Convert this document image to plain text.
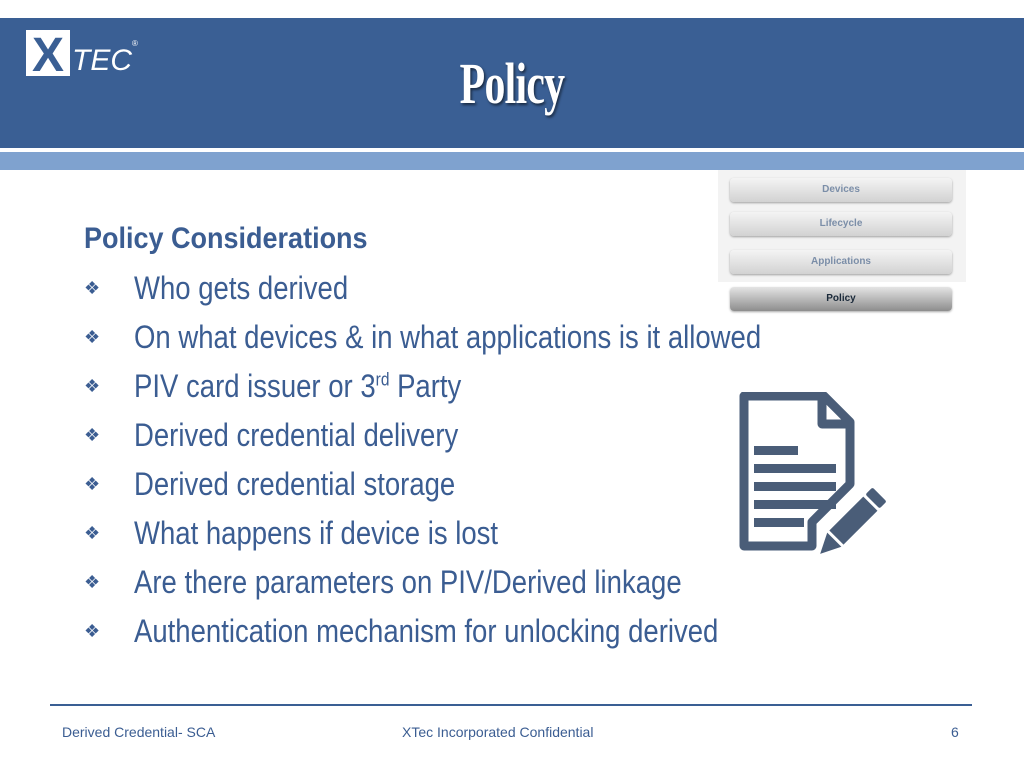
X TEC
®
Policy
Devices
Lifecycle
Applications
Policy
Policy Considerations
❖	Who gets derived
❖	On what devices & in what applications is it allowed
❖	PIV card issuer or 3rd Party
❖	Derived credential delivery
❖	Derived credential storage
❖	What happens if device is lost
❖	Are there parameters on PIV/Derived linkage
❖	Authentication mechanism for unlocking derived
Derived Credential- SCA	XTec Incorporated Confidential	6
